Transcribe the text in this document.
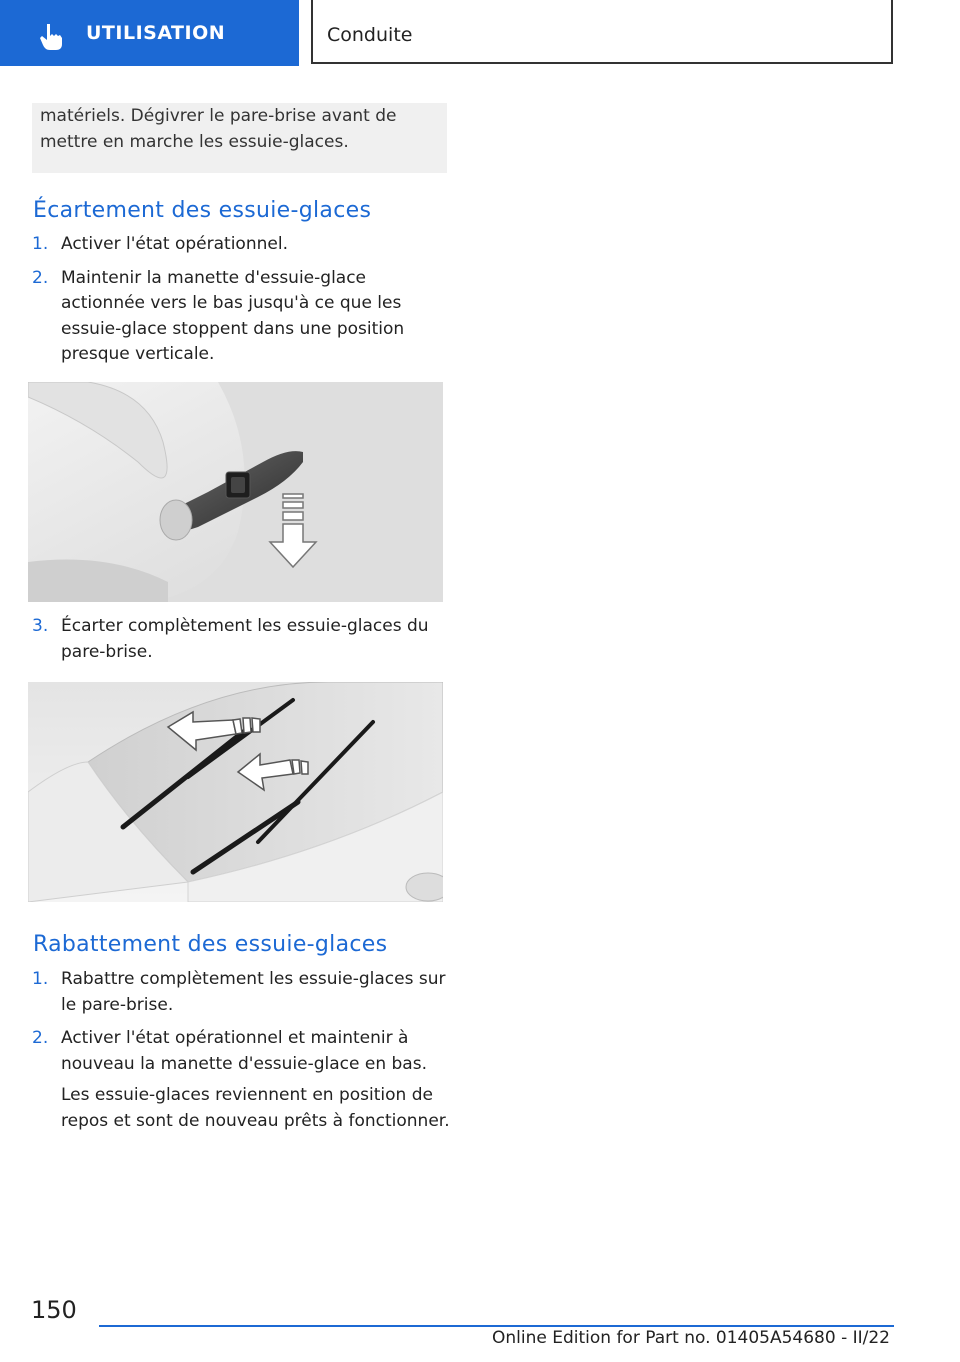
UTILISATION	Conduite

matériels. Dégivrer le pare-brise avant de mettre en marche les essuie-glaces.

Écartement des essuie-glaces
1. Activer l'état opérationnel.
2. Maintenir la manette d'essuie-glace actionnée vers le bas jusqu'à ce que les essuie-glace stoppent dans une position presque verticale.
3. Écarter complètement les essuie-glaces du pare-brise.
Rabattement des essuie-glaces
1. Rabattre complètement les essuie-glaces sur le pare-brise.
2. Activer l'état opérationnel et maintenir à nouveau la manette d'essuie-glace en bas.
Les essuie-glaces reviennent en position de repos et sont de nouveau prêts à fonctionner.
150
Online Edition for Part no. 01405A54680 - II/22
